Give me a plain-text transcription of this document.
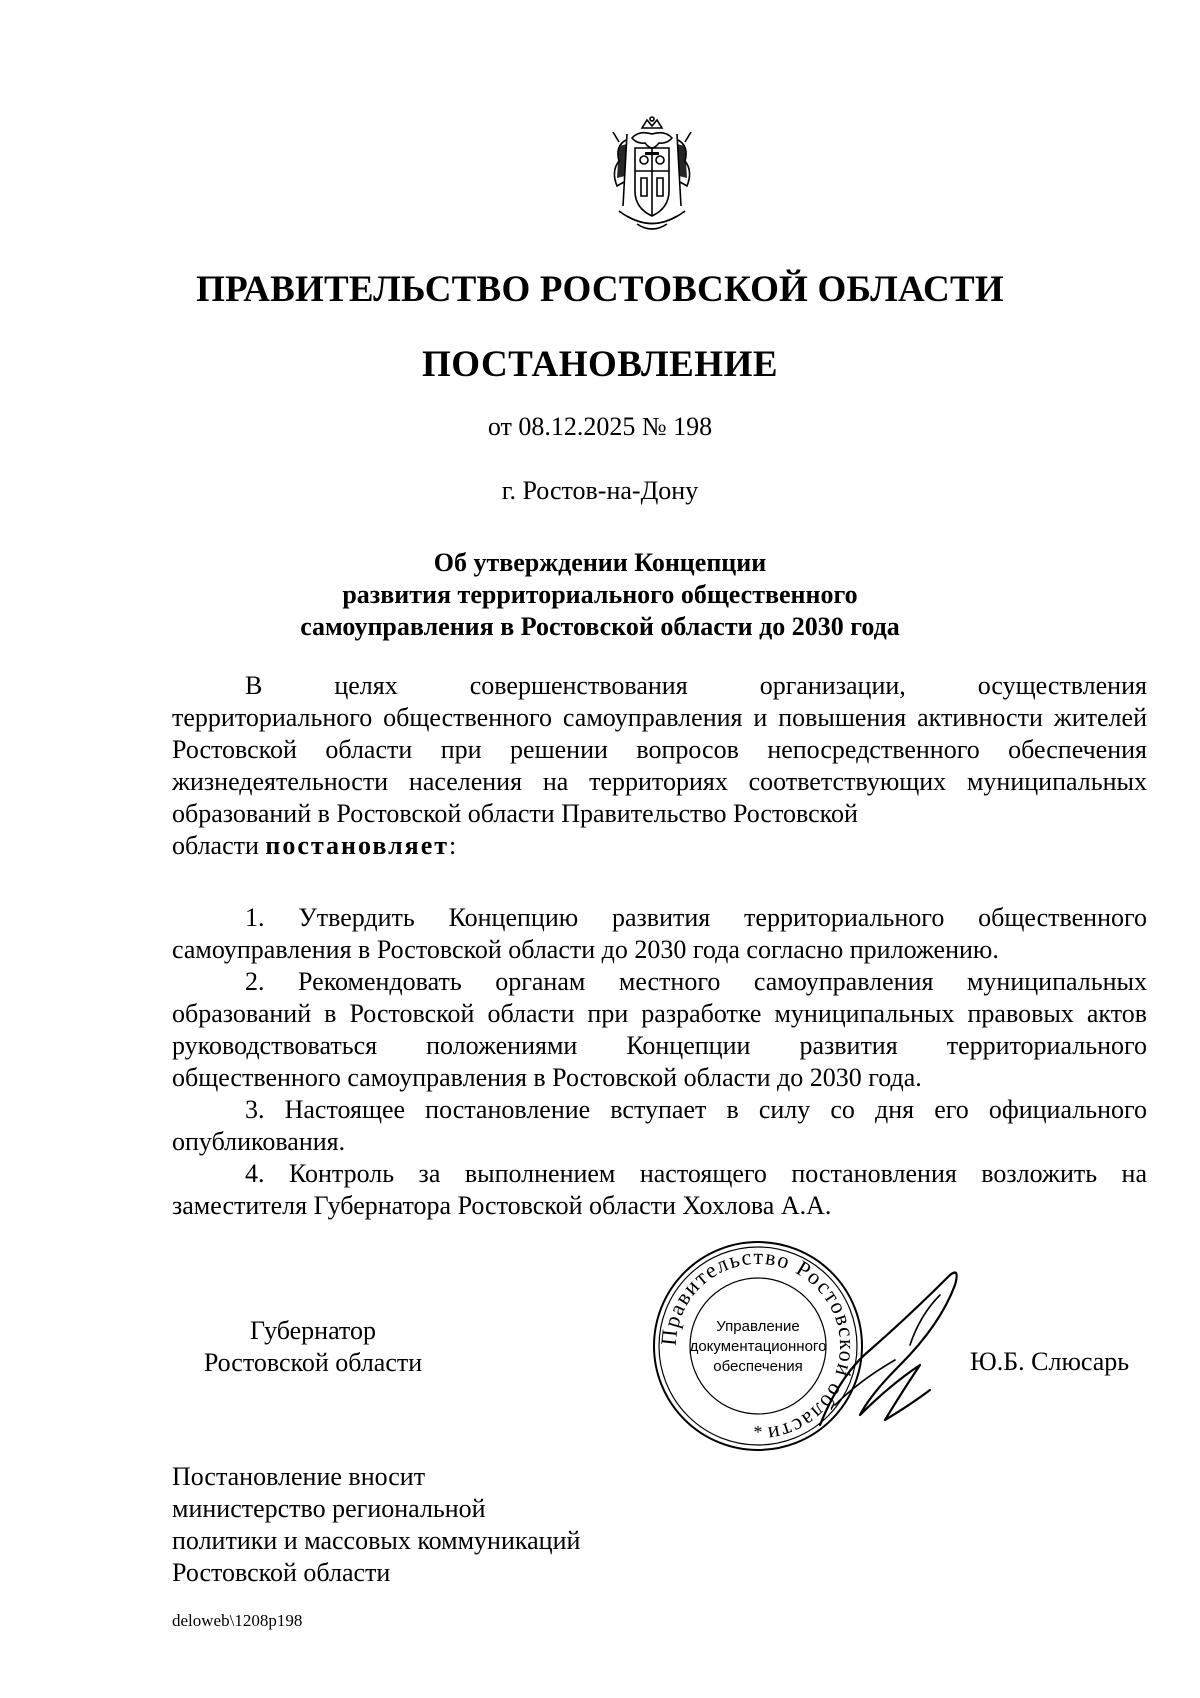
ПРАВИТЕЛЬСТВО РОСТОВСКОЙ ОБЛАСТИ
ПОСТАНОВЛЕНИЕ
от 08.12.2025 № 198
г. Ростов-на-Дону
Об утверждении Концепции
развития территориального общественного
самоуправления в Ростовской области до 2030 года
В	целях	совершенствования	организации,	осуществления
территориального общественного самоуправления и повышения активности жителей Ростовской области при решении вопросов непосредственного обеспечения жизнедеятельности населения на территориях соответствующих муниципальных образований в Ростовской области Правительство Ростовской
области постановляет:
1. Утвердить Концепцию развития территориального общественного самоуправления в Ростовской области до 2030 года согласно приложению.
2. Рекомендовать органам местного самоуправления муниципальных образований в Ростовской области при разработке муниципальных правовых актов руководствоваться положениями Концепции развития территориального общественного самоуправления в Ростовской области до 2030 года.
3. Настоящее постановление вступает в силу со дня его официального опубликования.
4. Контроль за выполнением настоящего постановления возложить на заместителя Губернатора Ростовской области Хохлова А.А.
Губернатор
Ростовской области
Правительство Ростовской области
Управление
документационного
обеспечения
*
Ю.Б. Слюсарь
Постановление вносит
министерство региональной
политики и массовых коммуникаций
Ростовской области
deloweb\1208p198
